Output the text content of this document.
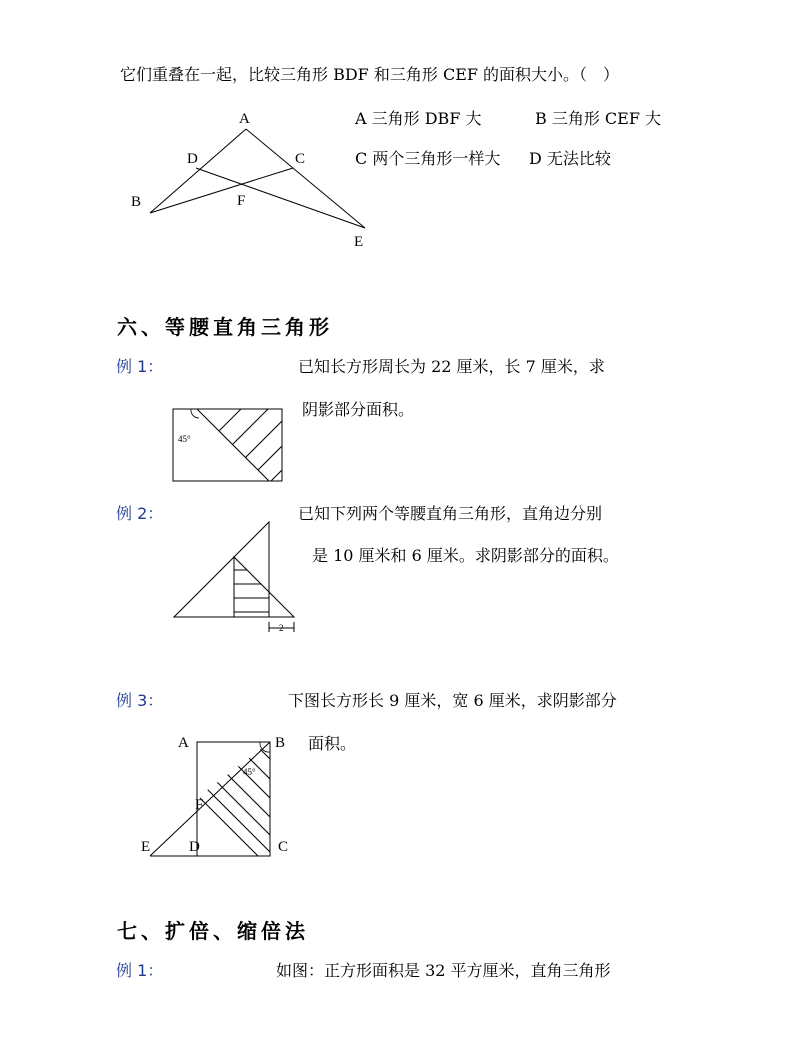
它们重叠在一起，比较三角形 BDF 和三角形 CEF 的面积大小。（　）
A
D	C
B	F
E
A 三角形 DBF 大	B 三角形 CEF 大
C 两个三角形一样大 D 无法比较
六、等腰直角三角形
例 1：	已知长方形周长为 22 厘米，长 7 厘米，求
阴影部分面积。
45°
例 2：	已知下列两个等腰直角三角形，直角边分别
是 10 厘米和 6 厘米。求阴影部分的面积。
2
例 3：	下图长方形长 9 厘米，宽 6 厘米，求阴影部分
面积。
A	B
45°
F
E	D	C
七、扩倍、缩倍法
例 1：	如图：正方形面积是 32 平方厘米，直角三角形
